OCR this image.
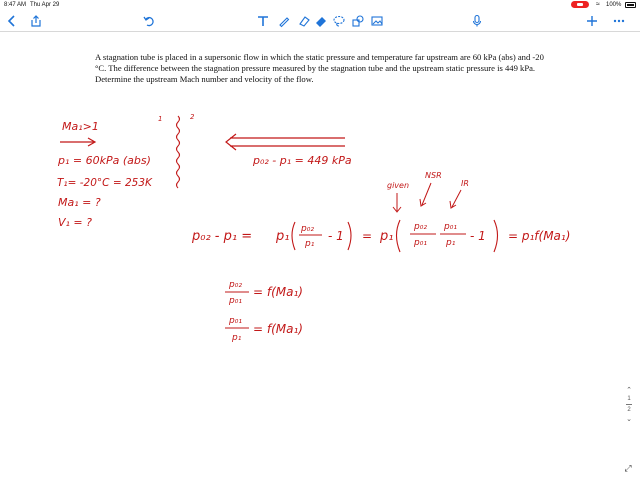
8:47 AM Thu Apr 29	≈ 100%
A stagnation tube is placed in a supersonic flow in which the static pressure and temperature far upstream are 60 kPa (abs) and -20 °C. The difference between the stagnation pressure measured by the stagnation tube and the upstream static pressure is 449 kPa. Determine the upstream Mach number and velocity of the flow.
Ma₁>1
p₁ = 60kPa (abs)
T₁= -20°C = 253K
Ma₁ = ?
V₁ = ?
1	2
p₀₂ - p₁ = 449 kPa
given
NSR
IR
p₀₂ - p₁ = p₁ p₀₂
p₁
- 1 = p₁
p₀₂
p₀₁
p₀₁
p₁ - 1 = p₁f(Ma₁)
p₀₂
p₀₁
= f(Ma₁)
p₀₁
p₁
= f(Ma₁)
⌃
1
2
⌄
⤢
